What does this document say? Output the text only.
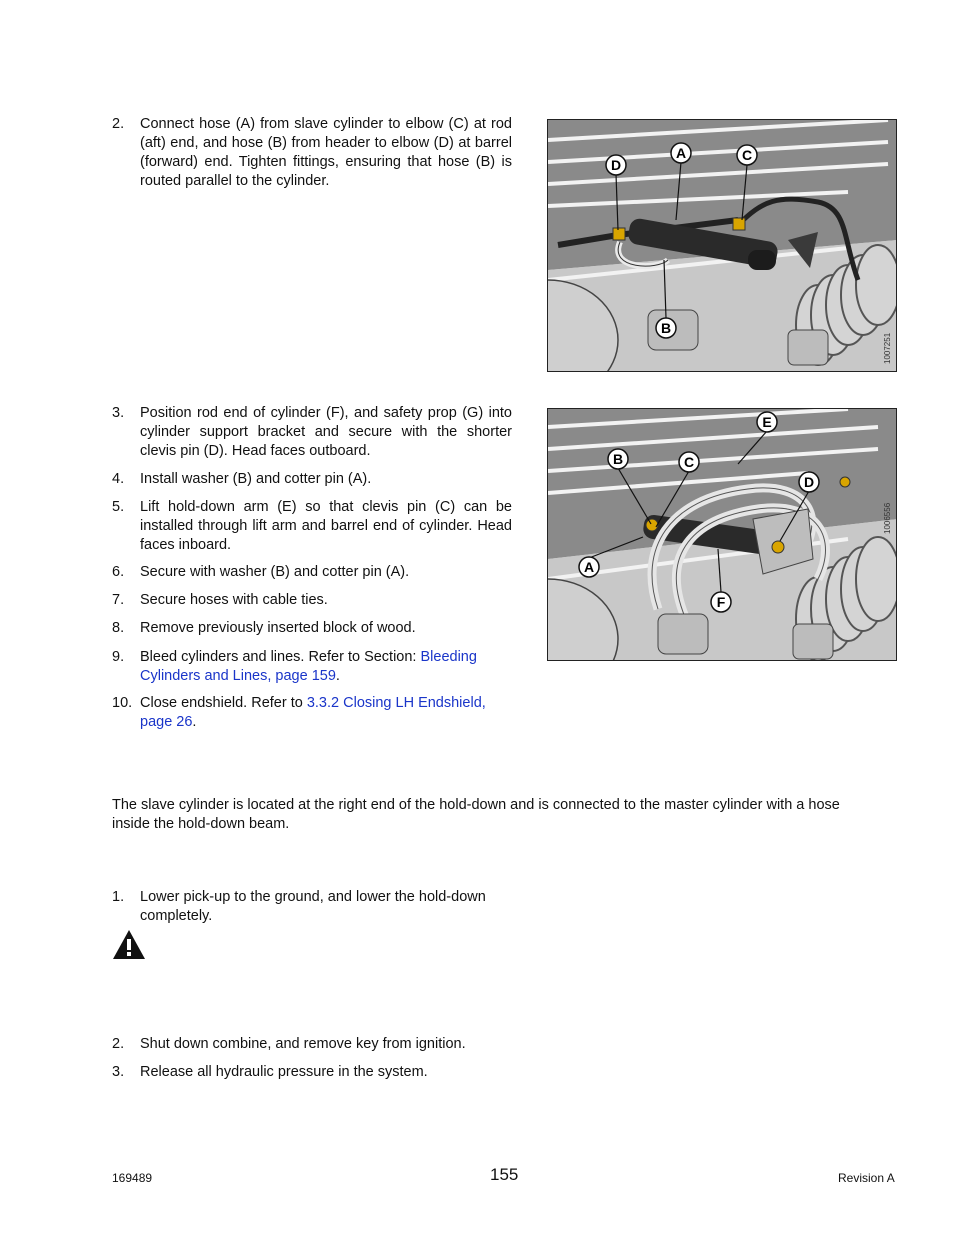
2.	Connect hose (A) from slave cylinder to elbow (C) at rod (aft) end, and hose (B) from header to elbow (D) at barrel (forward) end. Tighten fittings, ensuring that hose (B) is routed parallel to the cylinder.
D
A	C
B
1007251
3.	Position rod end of cylinder (F), and safety prop (G) into cylinder support bracket and secure with the shorter clevis pin (D). Head faces outboard.
4.	Install washer (B) and cotter pin (A).
5.	Lift hold-down arm (E) so that clevis pin (C) can be installed through lift arm and barrel end of cylinder. Head faces inboard.
6.	Secure with washer (B) and cotter pin (A).
7.	Secure hoses with cable ties.
8.	Remove previously inserted block of wood.
9.	Bleed cylinders and lines. Refer to Section: Bleeding Cylinders and Lines, page 159.
10. Close endshield. Refer to 3.3.2 Closing LH Endshield, page 26.
E
B	C
D
A
F
1006556
The slave cylinder is located at the right end of the hold-down and is connected to the master cylinder with a hose inside the hold-down beam.
1.	Lower pick-up to the ground, and lower the hold-down completely.
2.	Shut down combine, and remove key from ignition.
3.	Release all hydraulic pressure in the system.
169489	155	Revision A
